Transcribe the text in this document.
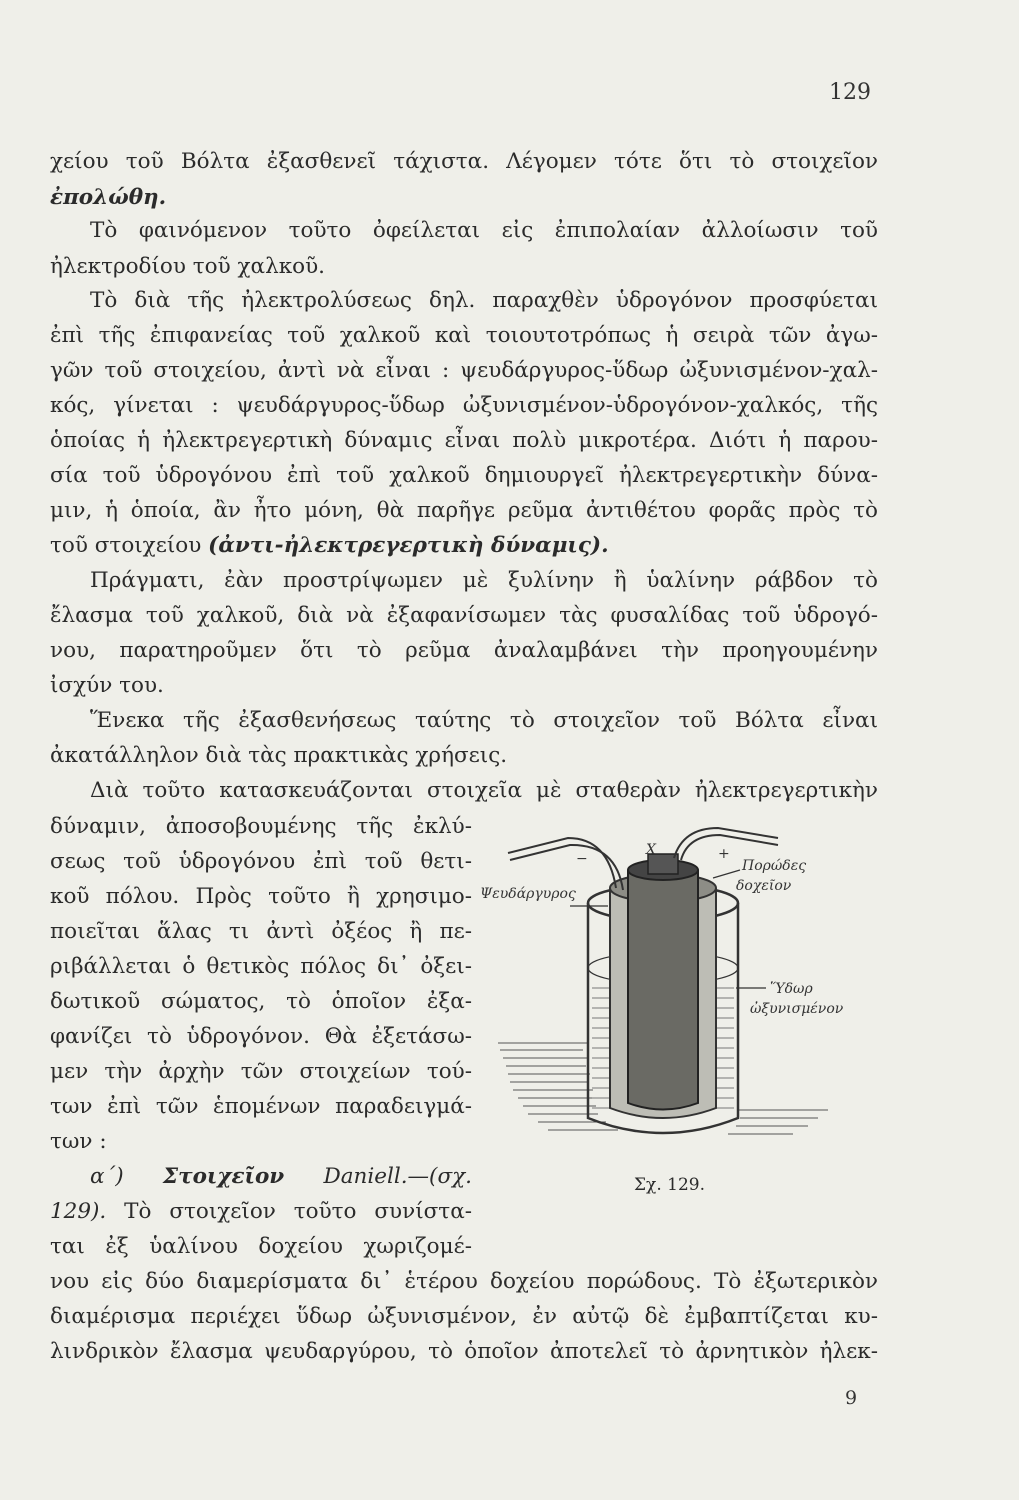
129
χείου τοῦ Βόλτα ἐξασθενεῖ τάχιστα. Λέγομεν τότε ὅτι τὸ στοιχεῖον
ἐπολώθη.
Τὸ φαινόμενον τοῦτο ὀφείλεται εἰς ἐπιπολαίαν ἀλλοίωσιν τοῦ
ἠλεκτροδίου τοῦ χαλκοῦ.
Τὸ διὰ τῆς ἠλεκτρολύσεως δηλ. παραχθὲν ὑδρογόνον προσφύεται
ἐπὶ τῆς ἐπιφανείας τοῦ χαλκοῦ καὶ τοιουτοτρόπως ἡ σειρὰ τῶν ἀγω-
γῶν τοῦ στοιχείου, ἀντὶ νὰ εἶναι : ψευδάργυρος-ὕδωρ ὠξυνισμένον-χαλ-
κός, γίνεται : ψευδάργυρος-ὕδωρ ὠξυνισμένον-ὑδρογόνον-χαλκός, τῆς
ὁποίας ἡ ἠλεκτρεγερτικὴ δύναμις εἶναι πολὺ μικροτέρα. Διότι ἡ παρου-
σία τοῦ ὑδρογόνου ἐπὶ τοῦ χαλκοῦ δημιουργεῖ ἠλεκτρεγερτικὴν δύνα-
μιν, ἡ ὁποία, ἂν ἦτο μόνη, θὰ παρῆγε ρεῦμα ἀντιθέτου φορᾶς πρὸς τὸ
τοῦ στοιχείου (ἀντι-ἠλεκτρεγερτικὴ δύναμις).
Πράγματι, ἐὰν προστρίψωμεν μὲ ξυλίνην ἢ ὑαλίνην ράβδον τὸ
ἔλασμα τοῦ χαλκοῦ, διὰ νὰ ἐξαφανίσωμεν τὰς φυσαλίδας τοῦ ὑδρογό-
νου, παρατηροῦμεν ὅτι τὸ ρεῦμα ἀναλαμβάνει τὴν προηγουμένην
ἰσχύν του.
Ἕνεκα τῆς ἐξασθενήσεως ταύτης τὸ στοιχεῖον τοῦ Βόλτα εἶναι
ἀκατάλληλον διὰ τὰς πρακτικὰς χρήσεις.
Διὰ τοῦτο κατασκευάζονται στοιχεῖα μὲ σταθερὰν ἠλεκτρεγερτικὴν
δύναμιν, ἀποσοβουμένης τῆς ἐκλύ-
σεως τοῦ ὑδρογόνου ἐπὶ τοῦ θετι-
κοῦ πόλου. Πρὸς τοῦτο ἢ χρησιμο-
ποιεῖται ἅλας τι ἀντὶ ὀξέος ἢ πε-
ριβάλλεται ὁ θετικὸς πόλος δι᾽ ὀξει-
δωτικοῦ σώματος, τὸ ὁποῖον ἐξα-
φανίζει τὸ ὑδρογόνον. Θὰ ἐξετάσω-
μεν τὴν ἀρχὴν τῶν στοιχείων τού-
των ἐπὶ τῶν ἑπομένων παραδειγμά-
των :
α΄) Στοιχεῖον Daniell.—(σχ.
129). Τὸ στοιχεῖον τοῦτο συνίστα-
ται ἐξ ὑαλίνου δοχείου χωριζομέ-
νου εἰς δύο διαμερίσματα δι᾽ ἑτέρου δοχείου πορώδους. Τὸ ἐξωτερικὸν
διαμέρισμα περιέχει ὕδωρ ὠξυνισμένον, ἐν αὐτῷ δὲ ἐμβαπτίζεται κυ-
λινδρικὸν ἔλασμα ψευδαργύρου, τὸ ὁποῖον ἀποτελεῖ τὸ ἀρνητικὸν ἠλεκ-
−
X	+
Ψευδάργυρος
Πορώδες
δοχεῖον
Ὕδωρ
ὠξυνισμένον
Σχ. 129.
9
